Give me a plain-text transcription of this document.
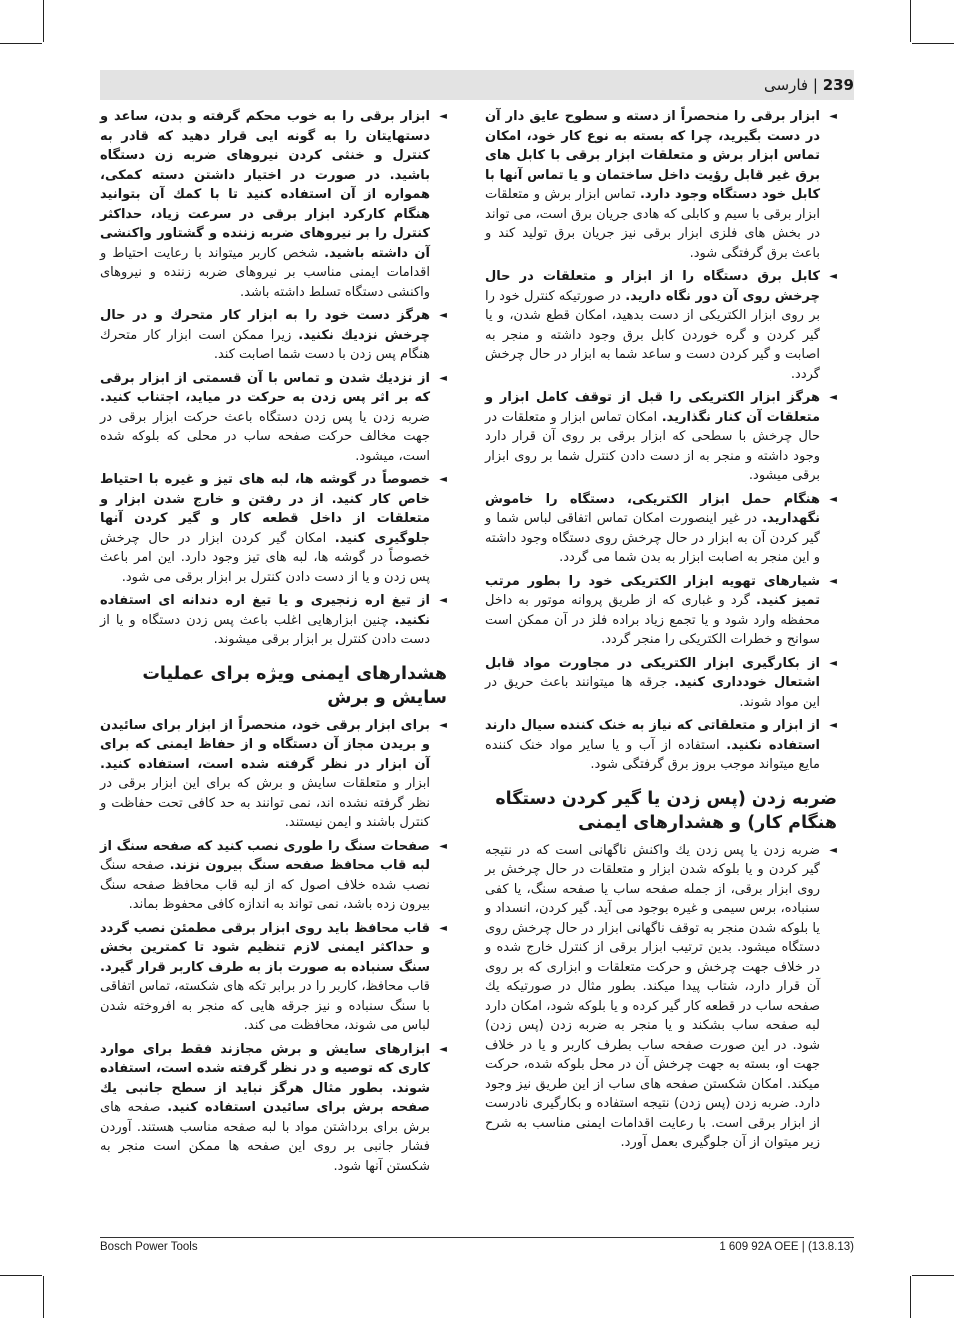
239 | فارسی

◄ ابزار برقی را منحصراً از دسته و سطوح عایق دار آن در دست بگیرید، چرا که بسته به نوع کار خود، امکان تماس ابزار برش و متعلقات ابزار برقی با کابل های برق غیر قابل رؤیت داخل ساختمان و یا تماس آنها با کابل خود دستگاه وجود دارد. تماس ابزار برش و متعلقات ابزار برقی با سیم و کابلی که هادی جریان برق است، می تواند در بخش های فلزی ابزار برقی نیز جریان برق تولید کند و باعث برق گرفتگی شود.

◄ کابل برق دستگاه را از ابزار و متعلقات در حال چرخش روی آن دور نگاه دارید. در صورتیکه کنترل خود را بر روی ابزار الکتریکی از دست بدهید، امکان قطع شدن، و یا گیر کردن و گره خوردن کابل برق وجود داشته و منجر به اصابت و گیر کردن دست و ساعد شما به ابزار در حال چرخش گردد.

◄ هرگز ابزار الکتریکی را قبل از توقف کامل ابزار و متعلقات آن کنار نگذارید. امکان تماس ابزار و متعلقات در حال چرخش با سطحی که ابزار برقی بر روی آن قرار دارد وجود داشته و منجر به از دست دادن کنترل شما بر روی ابزار برقی میشود.

◄ هنگام حمل ابزار الکتریکی، دستگاه را خاموش نگهدارید. در غیر اینصورت امکان تماس اتفاقی لباس شما و گیر کردن آن به ابزار در حال چرخش روی دستگاه وجود داشته و این منجر به اصابت ابزار به بدن شما می گردد.

◄ شیارهای تهویه ابزار الکتریکی خود را بطور مرتب تمیز کنید. گرد و غباری که از طریق پروانه موتور به داخل محفظه وارد شود و یا تجمع زیاد براده فلز در آن ممکن است سوانح و خطرات الکتریکی را منجر گردد.

◄ از بکارگیری ابزار الکتریکی در مجاورت مواد قابل اشتعال خودداری کنید. جرقه ها میتوانند باعث حریق در این مواد شوند.

◄ از ابزار و متعلقاتی که نیاز به خنک کننده سیال دارند استفاده نکنید. استفاده از آب و یا سایر مواد خنک کننده مایع میتواند موجب بروز برق گرفتگی شود.

ضربه زدن (پس زدن یا گیر کردن دستگاه هنگام کار) و هشدارهای ایمنی

◄ ضربه زدن یا پس زدن یك واكنش ناگهانی است كه در نتیجه گیر كردن و یا بلوكه شدن ابزار و متعلقات در حال چرخش بر روی ابزار برقی، از جمله صفحه ساب یا صفحه سنگ، یا كفی سنباده، برس سیمی و غیره بوجود می آید. گیر كردن، انسداد و یا بلوكه شدن منجر به توقف ناگهانی ابزار در حال چرخش روی دستگاه میشود. بدین ترتیب ابزار برقی از كنترل خارج شده و در خلاف جهت چرخش و حركت متعلقات و ابزاری كه بر روی آن قرار دارد، شتاب پیدا میكند. بطور مثال در صورتیكه یك صفحه ساب در قطعه كار گیر كرده و یا بلوكه شود، امكان دارد لبه صفحه ساب بشكند و یا منجر به ضربه زدن (پس زدن) شود. در این صورت صفحه ساب بطرف كاربر و یا در خلاف جهت او، بسته به جهت چرخش آن در محل بلوكه شده، حركت میكند. امكان شكستن صفحه های ساب از این طریق نیز وجود دارد. ضربه زدن (پس زدن) نتیجه استفاده و بكارگیری نادرست از ابزار برقی است. با رعایت اقدامات ایمنی مناسب به شرح زیر میتوان از آن جلوگیری بعمل آورد.

◄ ابزار برقی را به خوب محکم گرفته و بدن، ساعد و دستهایتان را به گونه ایی قرار دهید که قادر به کنترل و خنثی کردن نیروهای ضربه زن دستگاه باشید. در صورت در اختیار داشتن دسته کمکی، همواره از آن استفاده کنید تا با کمك آن بتوانید هنگام کارکرد ابزار برقی در سرعت زیاد، حداکثر کنترل را بر نیروهای ضربه زننده و گشتاور واکنشی آن داشته باشید. شخص کاربر میتواند با رعایت احتیاط و اقدامات ایمنی مناسب بر نیروهای ضربه زننده و نیروهای واکنشی دستگاه تسلط داشته باشد.

◄ هرگز دست خود را به ابزار کار متحرك و در حال چرخش نزدیك نکنید. زیرا ممکن است ابزار کار متحرك هنگام پس زدن با دست شما اصابت کند.

◄ از نزدیك شدن و تماس با آن قسمتی از ابزار برقی که بر اثر پس زدن به حرکت در میاید، اجتناب کنید. ضربه زدن یا پس زدن دستگاه باعث حرکت ابزار برقی در جهت مخالف حرکت صفحه ساب در محلی که بلوکه شده است، میشود.

◄ خصوصاً در گوشه ها، لبه های تیز و غیره با احتیاط خاص کار کنید. از در رفتن و خارج شدن ابزار و متعلقات از داخل قطعه کار و گیر کردن آنها جلوگیری کنید. امکان گیر کردن ابزار در حال چرخش خصوصاً در گوشه ها، لبه های تیز وجود دارد. این امر باعث پس زدن و یا از دست دادن کنترل بر ابزار برقی می شود.

◄ از تیغ اره زنجیری و یا تیغ اره دندانه ای استفاده نکنید. چنین ابزارهایی اغلب باعث پس زدن دستگاه و یا از دست دادن کنترل بر ابزار برقی میشوند.

هشدارهای ایمنی ویژه برای عملیات سایش و برش

◄ برای ابزار برقی خود، منحصراً از ابزار برای سائیدن و بریدن مجاز آن دستگاه و از حفاظ ایمنی که برای آن ابزار در نظر گرفته شده است، استفاده کنید. ابزار و متعلقات سایش و برش که برای این ابزار برقی در نظر گرفته نشده اند، نمی توانند به حد کافی تحت حفاظت و کنترل باشند و ایمن نیستند.

◄ صفحات سنگ را طوری نصب کنید که صفحه سنگ از لبه قاب محافظ صفحه سنگ بیرون نزند. صفحه سنگ نصب شده خلاف اصول که از لبه قاب محافظ صفحه سنگ بیرون زده باشد، نمی تواند به اندازه کافی محفوظ بماند.

◄ قاب محافظ باید روی ابزار برقی مطمئن نصب گردد و حداکثر ایمنی لازم تنظیم شود تا کمترین بخش سنگ سنباده به صورت باز به طرف کاربر قرار گیرد. قاب محافظ، کاربر را در برابر تکه های شکسته، تماس اتفاقی با سنگ سنباده و نیز جرقه هایی که منجر به افروخته شدن لباس می شوند، محافظت می کند.

◄ ابزارهای سایش و برش مجازند فقط برای موارد کاری که توصیه و در نظر گرفته شده است، استفاده شوند. بطور مثال هرگز نباید از سطح جانبی یك صفحه برش برای سائیدن استفاده کنید. صفحه های برش برای برداشتن مواد با لبه صفحه مناسب هستند. آوردن فشار جانبی بر روی این صفحه ها ممکن است منجر به شکستن آنها شود.

Bosch Power Tools	1 609 92A OEE | (13.8.13)
